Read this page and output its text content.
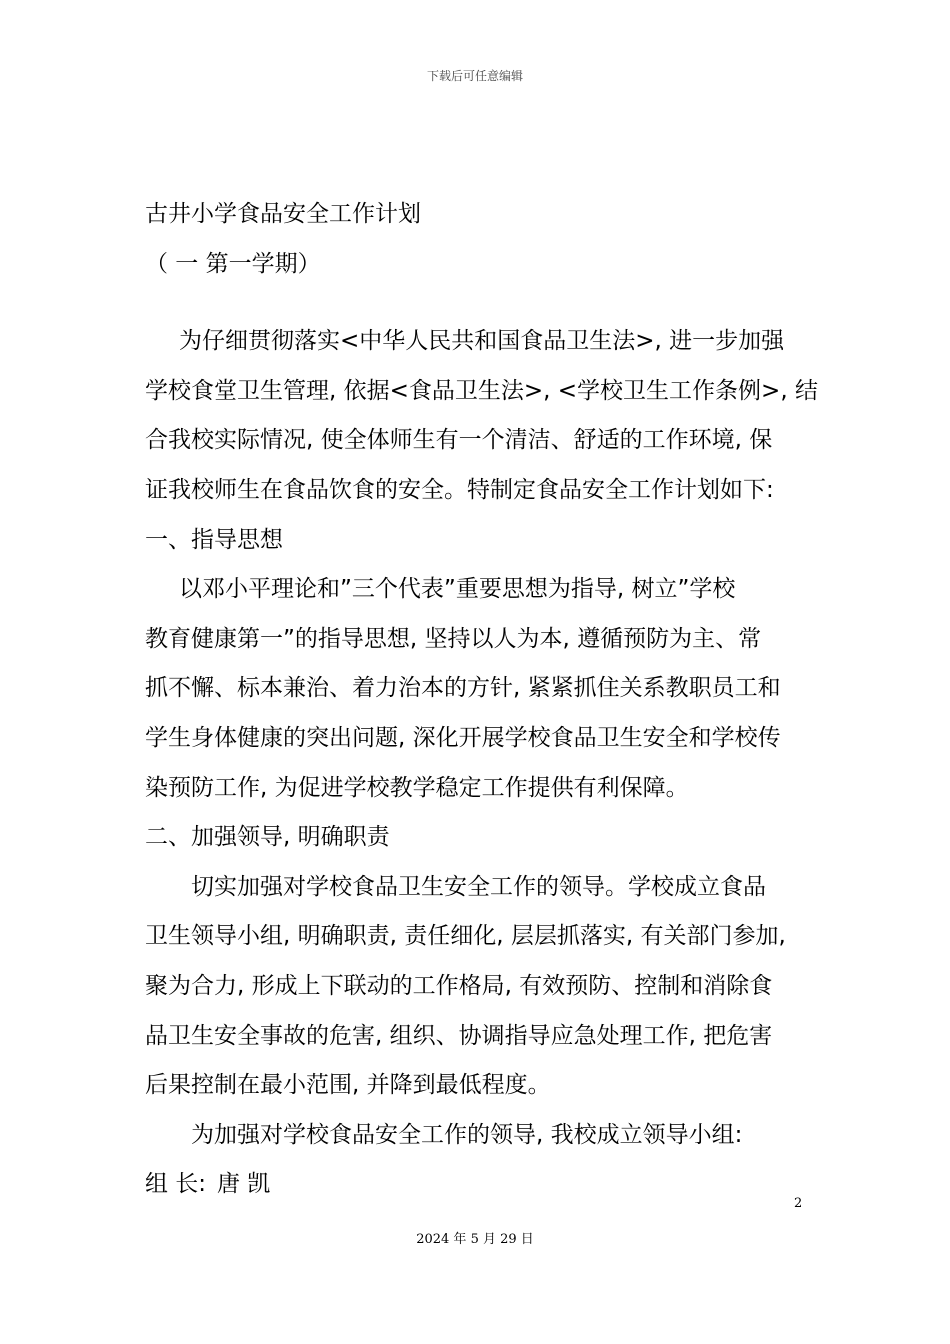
下载后可任意编辑

古井小学食品安全工作计划

（ 一 第一学期）

为仔细贯彻落实<中华人民共和国食品卫生法>, 进一步加强

学校食堂卫生管理, 依据<食品卫生法>, <学校卫生工作条例>, 结

合我校实际情况, 使全体师生有一个清洁、舒适的工作环境, 保

证我校师生在食品饮食的安全。特制定食品安全工作计划如下:

一、指导思想

以邓小平理论和”三个代表”重要思想为指导, 树立”学校

教育健康第一”的指导思想, 坚持以人为本, 遵循预防为主、常

抓不懈、标本兼治、着力治本的方针, 紧紧抓住关系教职员工和

学生身体健康的突出问题, 深化开展学校食品卫生安全和学校传

染预防工作, 为促进学校教学稳定工作提供有利保障。

二、加强领导, 明确职责

切实加强对学校食品卫生安全工作的领导。学校成立食品

卫生领导小组, 明确职责, 责任细化, 层层抓落实, 有关部门参加,

聚为合力, 形成上下联动的工作格局, 有效预防、控制和消除食

品卫生安全事故的危害, 组织、协调指导应急处理工作, 把危害

后果控制在最小范围, 并降到最低程度。

为加强对学校食品安全工作的领导, 我校成立领导小组:

组 长: 唐 凯

2
2024 年 5 月 29 日
